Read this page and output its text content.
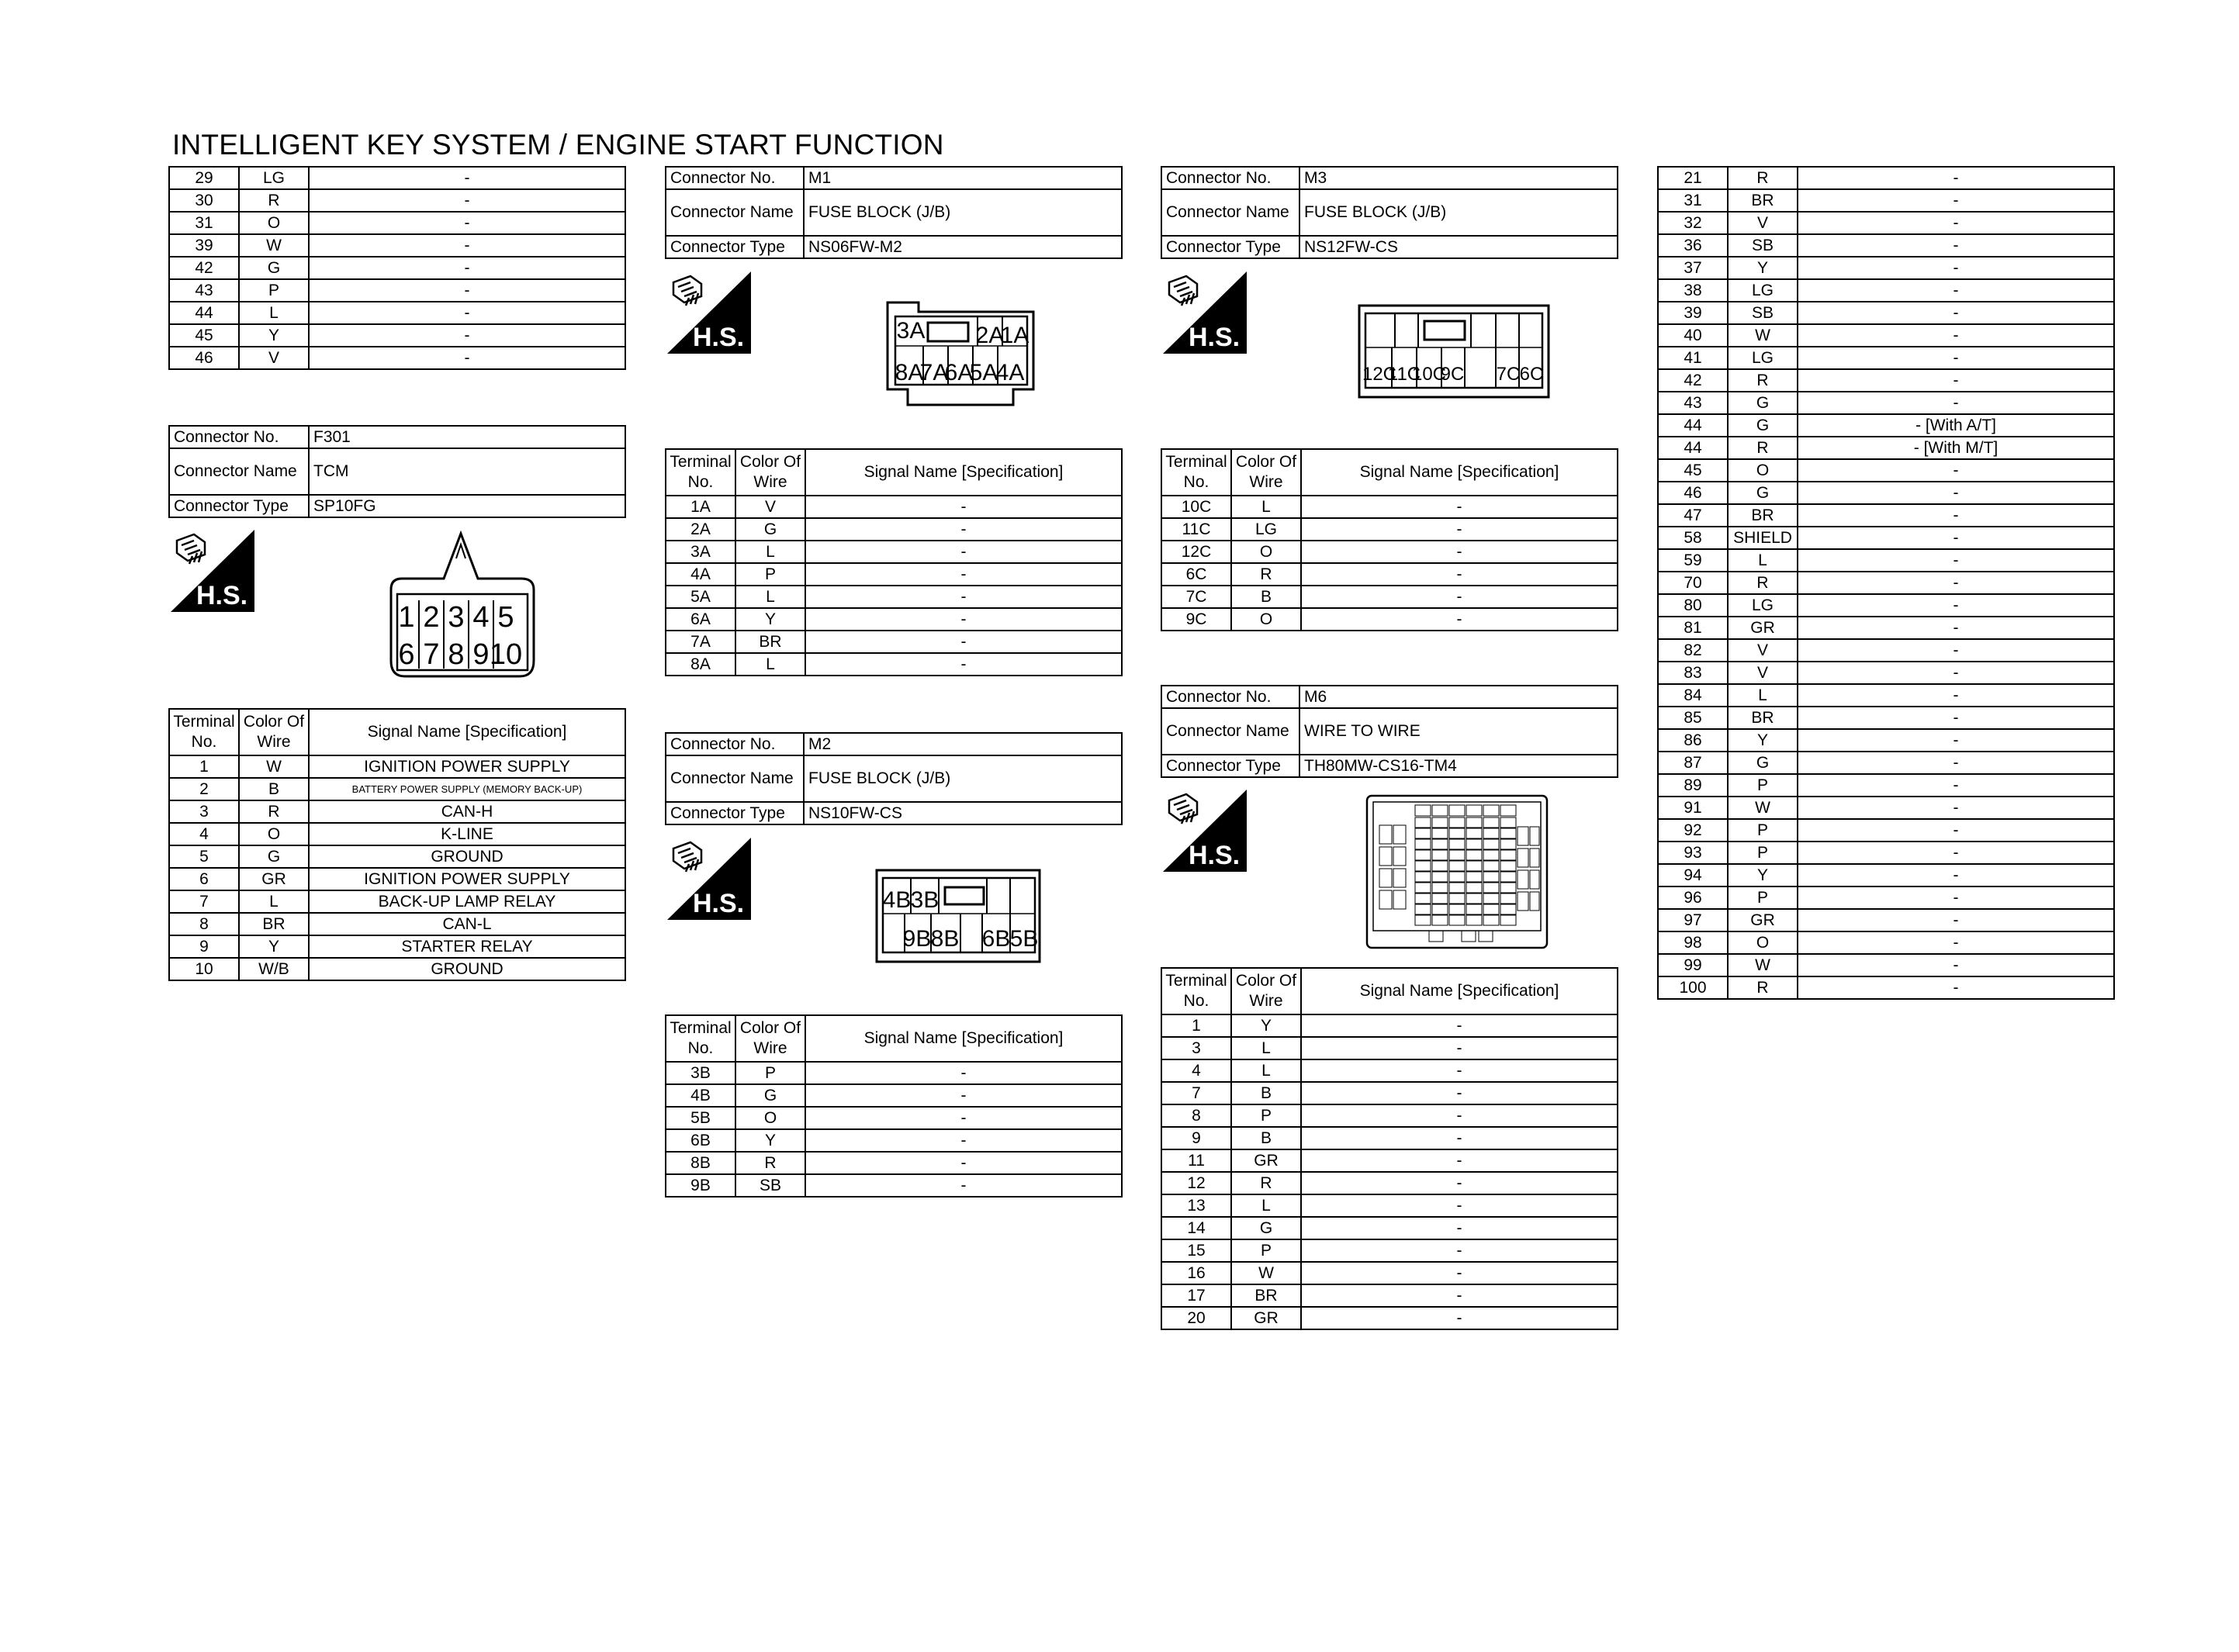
INTELLIGENT KEY SYSTEM / ENGINE START FUNCTION
29	LG	-
30	R	-
31	O	-
39	W	-
42	G	-
43	P	-
44	L	-
45	Y	-
46	V	-
Connector No.	F301
Connector Name	TCM
Connector Type	SP10FG
H.S.
1
6
2
7
3
8
4
9
5
10
Terminal No.	Color Of Wire	Signal Name [Specification]
1	W	IGNITION POWER SUPPLY
2	B	BATTERY POWER SUPPLY (MEMORY BACK-UP)
3	R	CAN-H
4	O	K-LINE
5	G	GROUND
6	GR	IGNITION POWER SUPPLY
7	L	BACK-UP LAMP RELAY
8	BR	CAN-L
9	Y	STARTER RELAY
10	W/B	GROUND
Connector No.	M1
Connector Name	FUSE BLOCK (J/B)
Connector Type	NS06FW-M2
H.S.	3A 2A
1A
8A
7A
6A
5A
4A
Terminal No.	Color Of Wire	Signal Name [Specification]
1A	V	-
2A	G	-
3A	L	-
4A	P	-
5A	L	-
6A	Y	-
7A	BR	-
8A	L	-
Connector No.	M2
Connector Name	FUSE BLOCK (J/B)
Connector Type	NS10FW-CS
H.S.	4B 3B
9B 8B 6B 5B
Terminal No.	Color Of Wire	Signal Name [Specification]
3B	P	-
4B	G	-
5B	O	-
6B	Y	-
8B	R	-
9B	SB	-
Connector No.	M3
Connector Name	FUSE BLOCK (J/B)
Connector Type	NS12FW-CS
H.S.
12C
11C
10C
9C 7C 6C
Terminal No.	Color Of Wire	Signal Name [Specification]
10C	L	-
11C	LG	-
12C	O	-
6C	R	-
7C	B	-
9C	O	-
Connector No.	M6
Connector Name	WIRE TO WIRE
Connector Type	TH80MW-CS16-TM4
H.S.
Terminal No.	Color Of Wire	Signal Name [Specification]
1	Y	-
3	L	-
4	L	-
7	B	-
8	P	-
9	B	-
11	GR	-
12	R	-
13	L	-
14	G	-
15	P	-
16	W	-
17	BR	-
20	GR	-
21	R	-
31	BR	-
32	V	-
36	SB	-
37	Y	-
38	LG	-
39	SB	-
40	W	-
41	LG	-
42	R	-
43	G	-
44	G	- [With A/T]
44	R	- [With M/T]
45	O	-
46	G	-
47	BR	-
58	SHIELD	-
59	L	-
70	R	-
80	LG	-
81	GR	-
82	V	-
83	V	-
84	L	-
85	BR	-
86	Y	-
87	G	-
89	P	-
91	W	-
92	P	-
93	P	-
94	Y	-
96	P	-
97	GR	-
98	O	-
99	W	-
100	R	-
